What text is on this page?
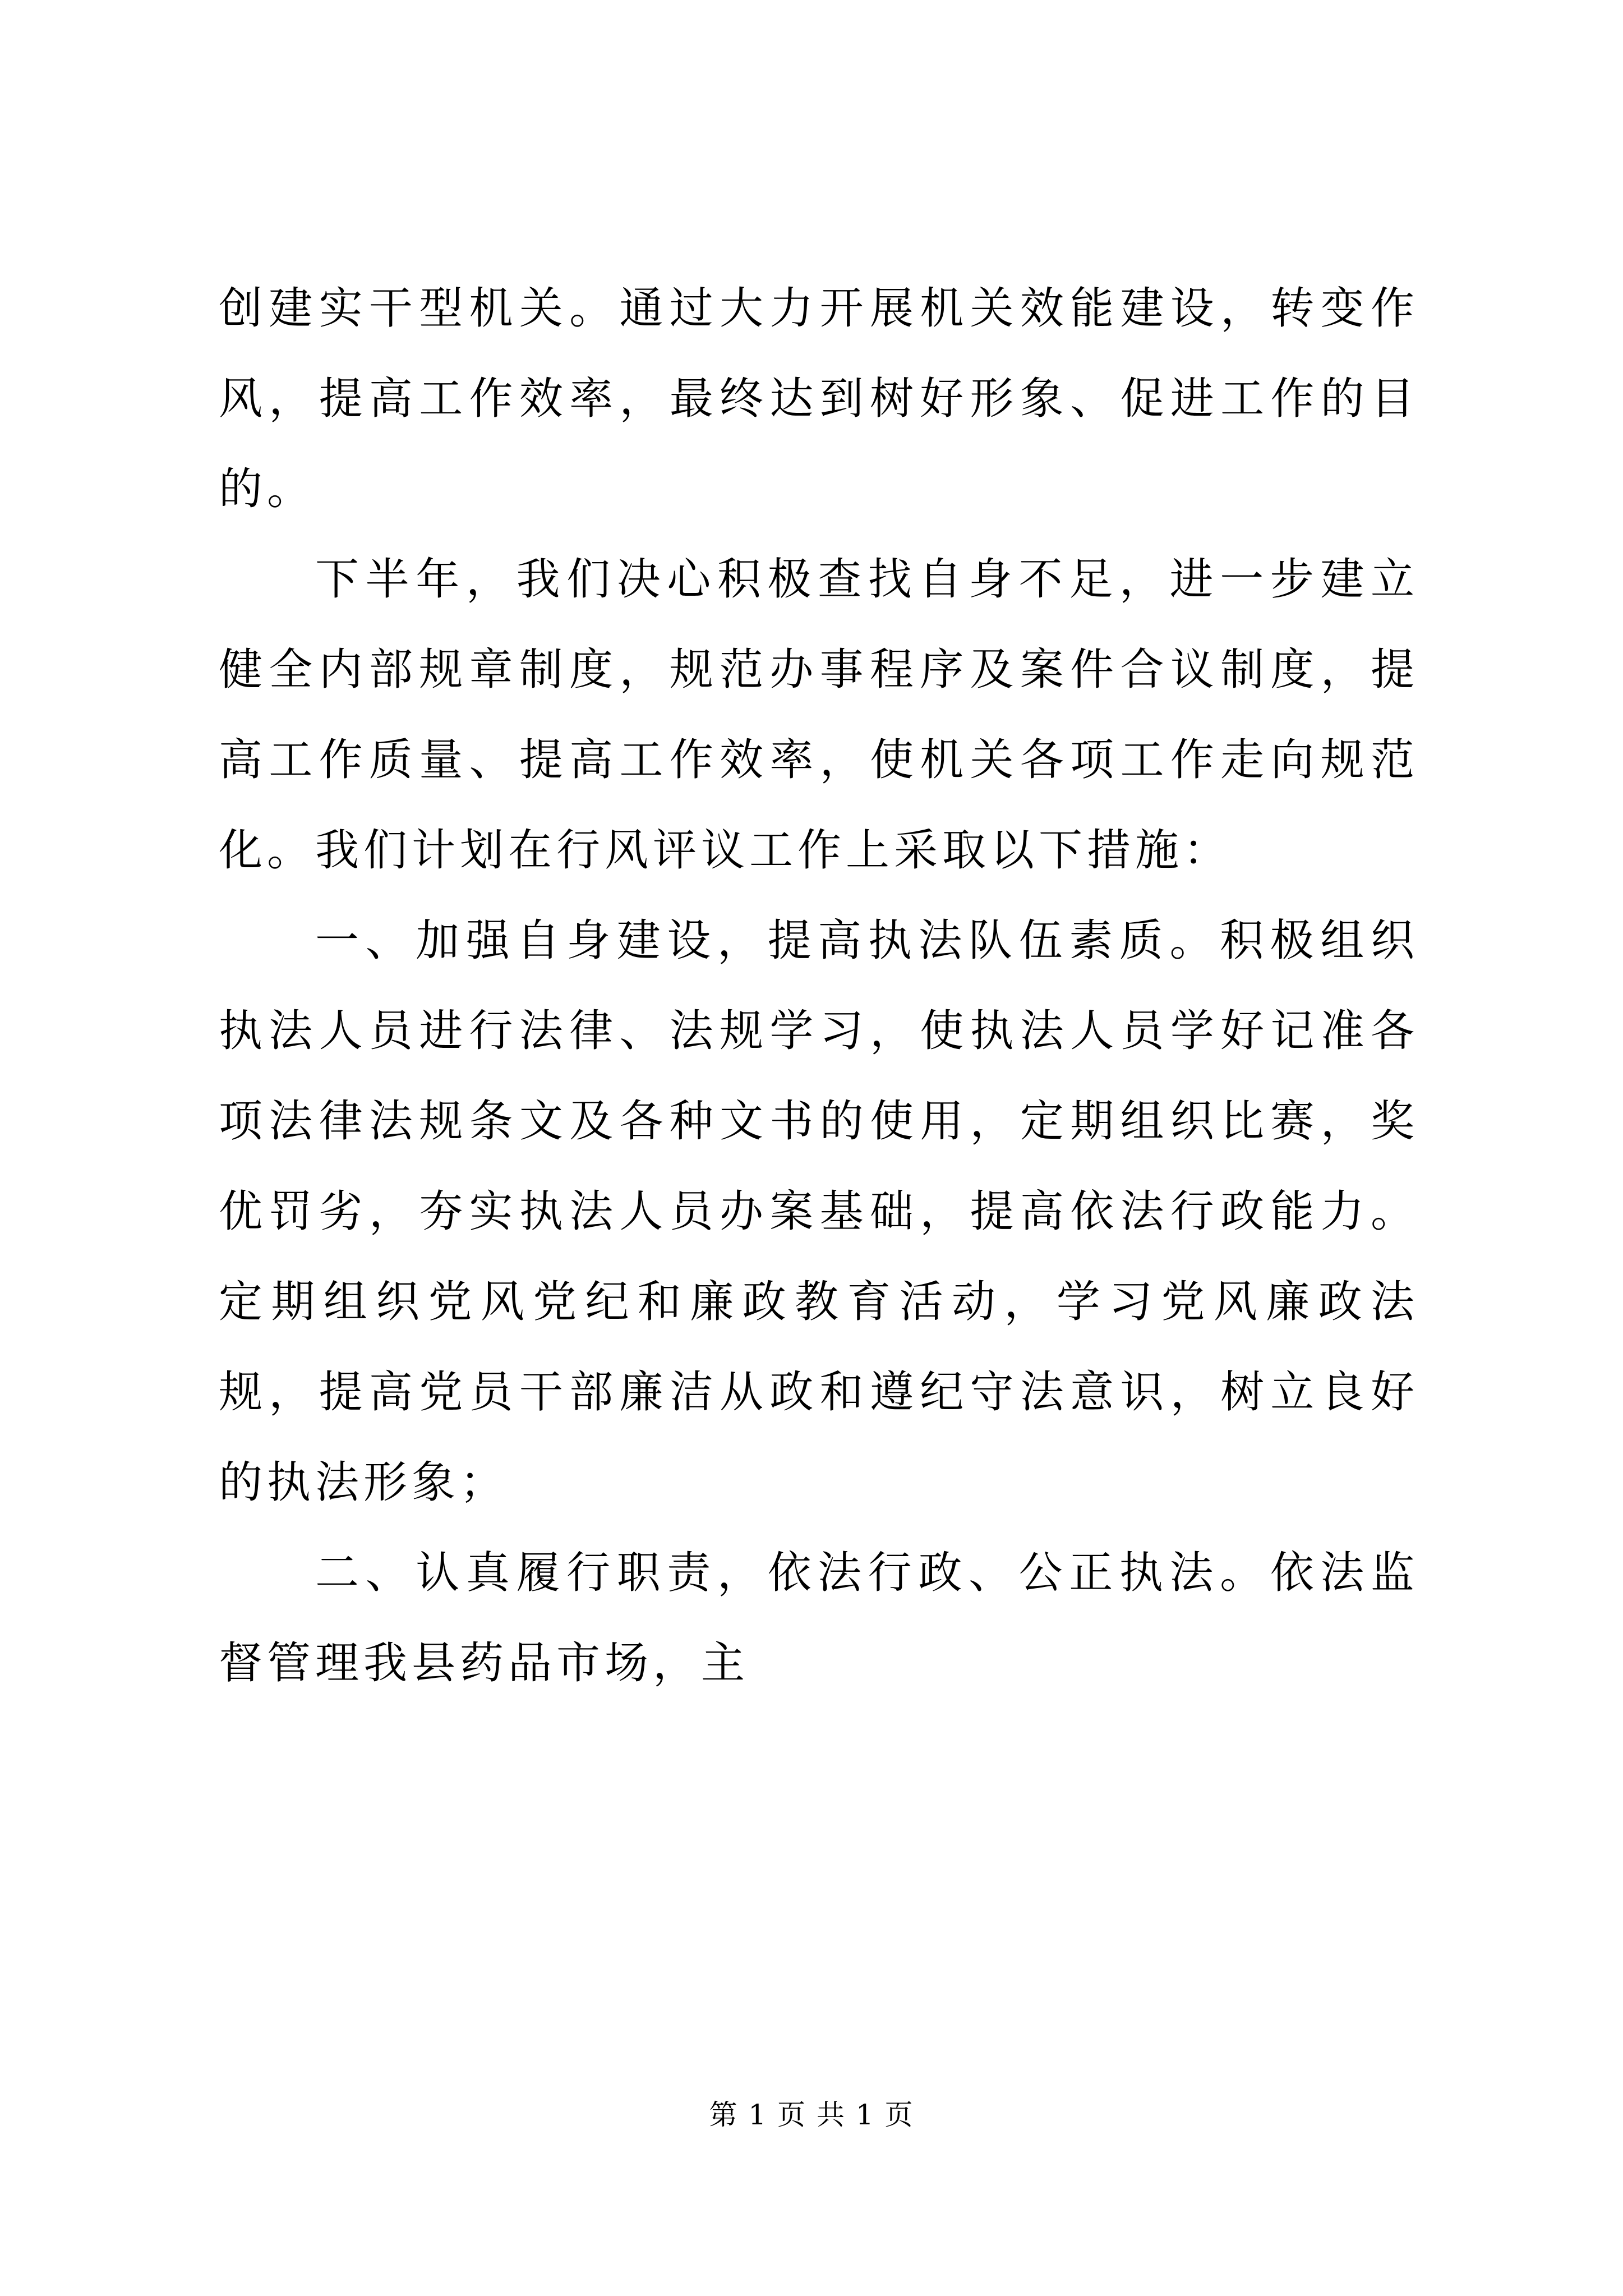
创建实干型机关。通过大力开展机关效能建设，转变作风，提高工作效率，最终达到树好形象、促进工作的目的。

下半年，我们决心积极查找自身不足，进一步建立健全内部规章制度，规范办事程序及案件合议制度，提高工作质量、提高工作效率，使机关各项工作走向规范化。我们计划在行风评议工作上采取以下措施：

一、加强自身建设，提高执法队伍素质。积极组织执法人员进行法律、法规学习，使执法人员学好记准各项法律法规条文及各种文书的使用，定期组织比赛，奖优罚劣，夯实执法人员办案基础，提高依法行政能力。定期组织党风党纪和廉政教育活动，学习党风廉政法规，提高党员干部廉洁从政和遵纪守法意识，树立良好的执法形象；

二、认真履行职责，依法行政、公正执法。依法监督管理我县药品市场，主

第 1 页 共 1 页
